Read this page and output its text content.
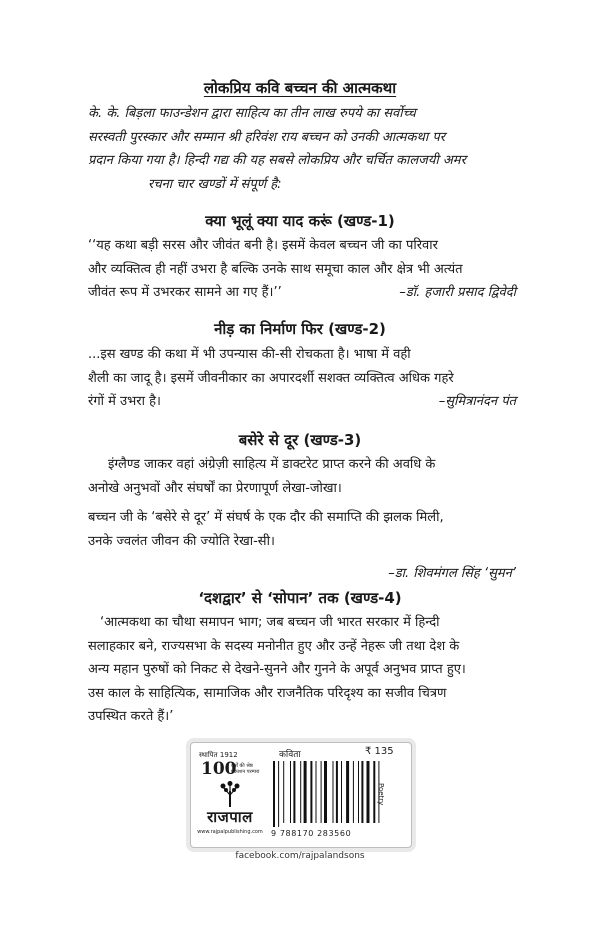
लोकप्रिय कवि बच्चन की आत्मकथा
के. के. बिड़ला फाउन्डेशन द्वारा साहित्य का तीन लाख रुपये का सर्वोच्च
सरस्वती पुरस्कार और सम्मान श्री हरिवंश राय बच्चन को उनकी आत्मकथा पर
प्रदान किया गया है। हिन्दी गद्य की यह सबसे लोकप्रिय और चर्चित कालजयी अमर
रचना चार खण्डों में संपूर्ण है:
क्या भूलूं क्या याद करूं (खण्ड-1)
‘‘यह कथा बड़ी सरस और जीवंत बनी है। इसमें केवल बच्चन जी का परिवार
और व्यक्तित्व ही नहीं उभरा है बल्कि उनके साथ समूचा काल और क्षेत्र भी अत्यंत
जीवंत रूप में उभरकर सामने आ गए हैं।’’	–डॉ. हजारी प्रसाद द्विवेदी
नीड़ का निर्माण फिर (खण्ड-2)
...इस खण्ड की कथा में भी उपन्यास की-सी रोचकता है। भाषा में वही
शैली का जादू है। इसमें जीवनीकार का अपारदर्शी सशक्त व्यक्तित्व अधिक गहरे
रंगों में उभरा है।	–सुमित्रानंदन पंत
बसेरे से दूर (खण्ड-3)
इंग्लैण्ड जाकर वहां अंग्रेज़ी साहित्य में डाक्टरेट प्राप्त करने की अवधि के
अनोखे अनुभवों और संघर्षों का प्रेरणापूर्ण लेखा-जोखा।
बच्चन जी के ‘बसेरे से दूर’ में संघर्ष के एक दौर की समाप्ति की झलक मिली,
उनके ज्वलंत जीवन की ज्योति रेखा-सी।
–डा. शिवमंगल सिंह ‘सुमन’
‘दशद्वार’ से ‘सोपान’ तक (खण्ड-4)
‘आत्मकथा का चौथा समापन भाग; जब बच्चन जी भारत सरकार में हिन्दी
सलाहकार बने, राज्यसभा के सदस्य मनोनीत हुए और उन्हें नेहरू जी तथा देश के
अन्य महान पुरुषों को निकट से देखने-सुनने और गुनने के अपूर्व अनुभव प्राप्त हुए।
उस काल के साहित्यिक, सामाजिक और राजनैतिक परिदृश्य का सजीव चित्रण
उपस्थित करते हैं।’
स्थापित 1912
100
वर्षों की श्रेष्ठ प्रकाशन परम्परा
राजपाल
www.rajpalpublishing.com
कविता	₹ 135
9 788170 283560
Poetry
facebook.com/rajpalandsons
